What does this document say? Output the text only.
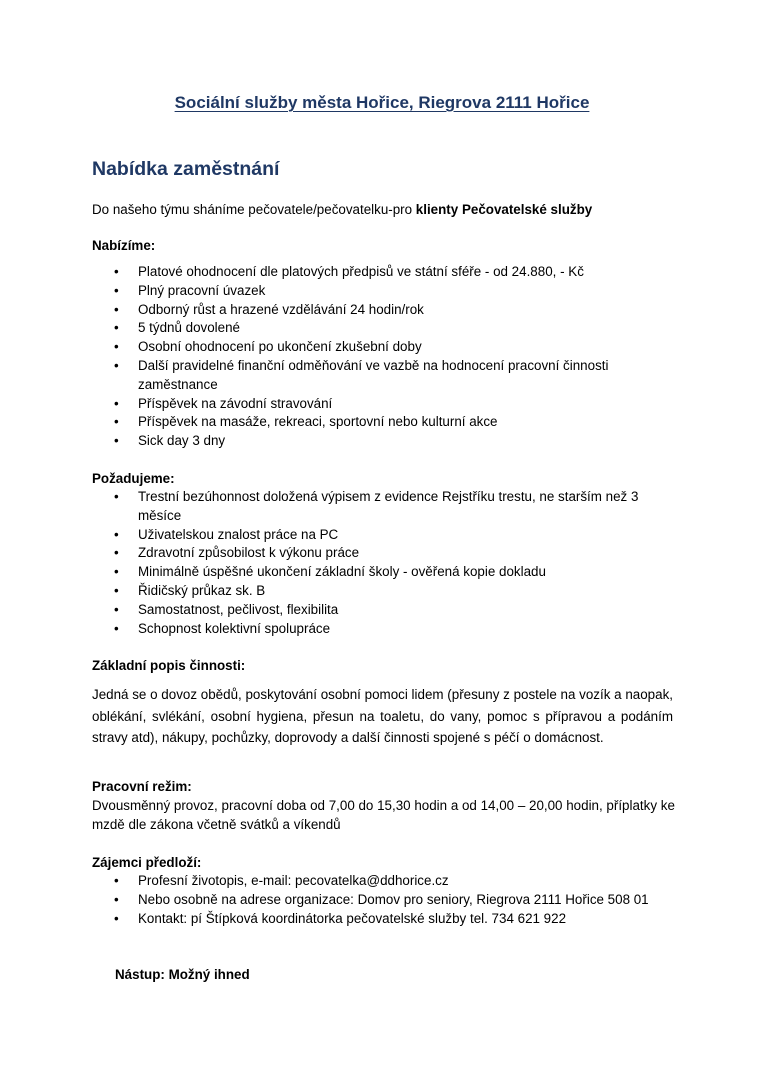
Sociální služby města Hořice, Riegrova 2111 Hořice
Nabídka zaměstnání
Do našeho týmu sháníme pečovatele/pečovatelku-pro klienty Pečovatelské služby
Nabízíme:
• Platové ohodnocení dle platových předpisů ve státní sféře - od 24.880, - Kč
• Plný pracovní úvazek
• Odborný růst a hrazené vzdělávání 24 hodin/rok
• 5 týdnů dovolené
• Osobní ohodnocení po ukončení zkušební doby
• Další pravidelné finanční odměňování ve vazbě na hodnocení pracovní činnosti zaměstnance
• Příspěvek na závodní stravování
• Příspěvek na masáže, rekreaci, sportovní nebo kulturní akce
• Sick day 3 dny
Požadujeme:
• Trestní bezúhonnost doložená výpisem z evidence Rejstříku trestu, ne starším než 3 měsíce
• Uživatelskou znalost práce na PC
• Zdravotní způsobilost k výkonu práce
• Minimálně úspěšné ukončení základní školy - ověřená kopie dokladu
• Řidičský průkaz sk. B
• Samostatnost, pečlivost, flexibilita
• Schopnost kolektivní spolupráce
Základní popis činnosti:
Jedná se o dovoz obědů, poskytování osobní pomoci lidem (přesuny z postele na vozík a naopak, oblékání, svlékání, osobní hygiena, přesun na toaletu, do vany, pomoc s přípravou a podáním stravy atd), nákupy, pochůzky, doprovody a další činnosti spojené s péčí o domácnost.
Pracovní režim:
Dvousměnný provoz, pracovní doba od 7,00 do 15,30 hodin a od 14,00 – 20,00 hodin, příplatky ke mzdě dle zákona včetně svátků a víkendů
Zájemci předloží:
• Profesní životopis, e-mail: pecovatelka@ddhorice.cz
• Nebo osobně na adrese organizace: Domov pro seniory, Riegrova 2111 Hořice 508 01
• Kontakt: pí Štípková koordinátorka pečovatelské služby tel. 734 621 922
Nástup: Možný ihned
